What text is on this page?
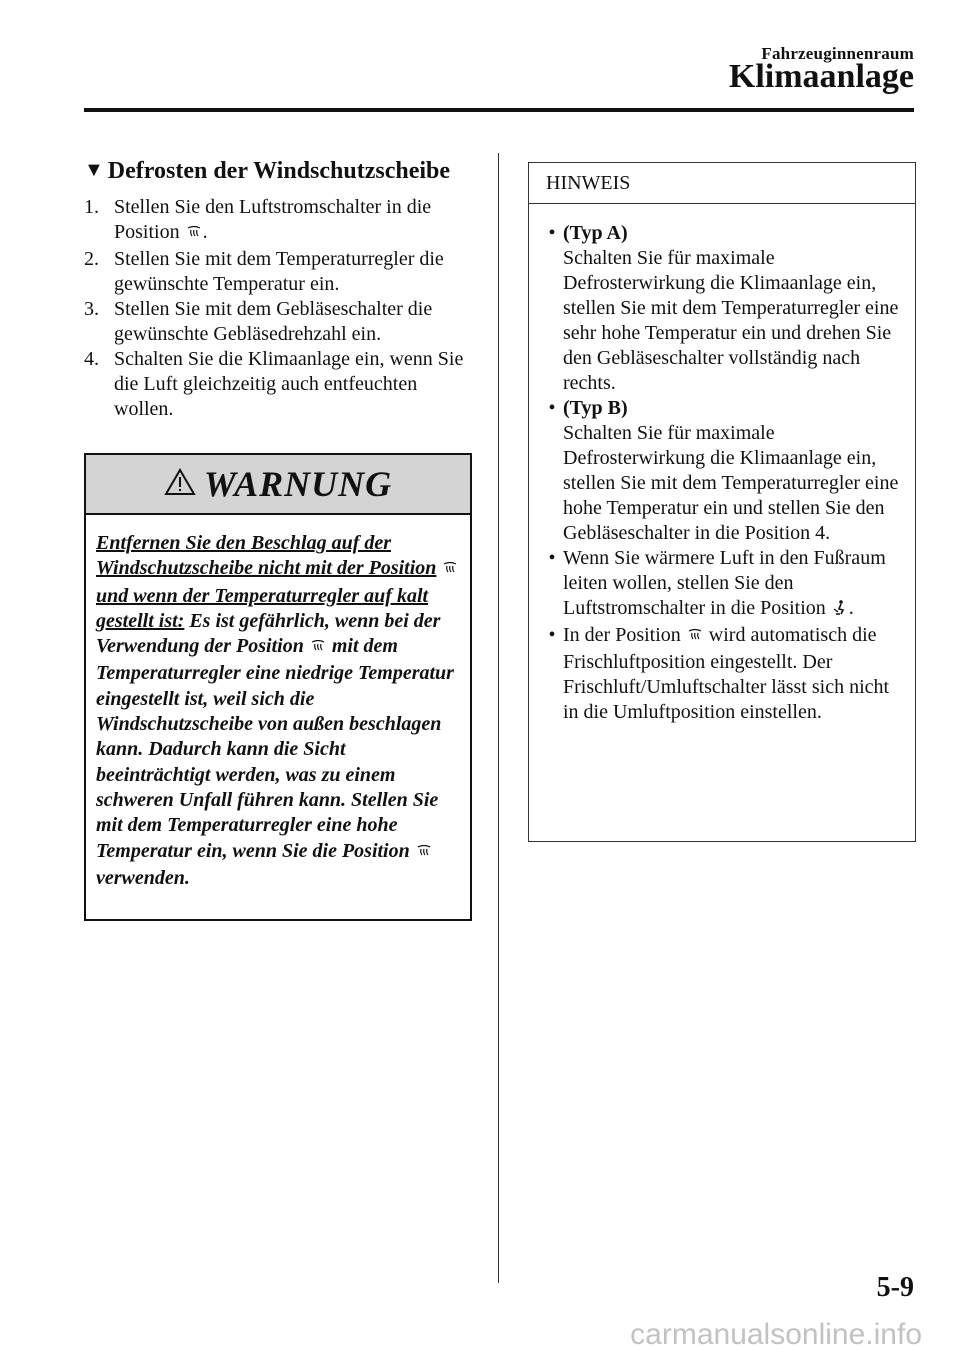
Fahrzeuginnenraum
Klimaanlage
▼ Defrosten der Windschutzscheibe
1. Stellen Sie den Luftstromschalter in die Position .
2. Stellen Sie mit dem Temperaturregler die gewünschte Temperatur ein.
3. Stellen Sie mit dem Gebläseschalter die gewünschte Gebläsedrehzahl ein.
4. Schalten Sie die Klimaanlage ein, wenn Sie die Luft gleichzeitig auch entfeuchten wollen.
WARNUNG
Entfernen Sie den Beschlag auf der Windschutzscheibe nicht mit der Position  und wenn der Temperaturregler auf kalt gestellt ist: Es ist gefährlich, wenn bei der Verwendung der Position mit dem Temperaturregler eine niedrige Temperatur eingestellt ist, weil sich die Windschutzscheibe von außen beschlagen kann. Dadurch kann die Sicht beeinträchtigt werden, was zu einem schweren Unfall führen kann. Stellen Sie mit dem Temperaturregler eine hohe Temperatur ein, wenn Sie die Position  verwenden.
HINWEIS
• (Typ A)
Schalten Sie für maximale Defrosterwirkung die Klimaanlage ein, stellen Sie mit dem Temperaturregler eine sehr hohe Temperatur ein und drehen Sie den Gebläseschalter vollständig nach rechts.
• (Typ B)
Schalten Sie für maximale Defrosterwirkung die Klimaanlage ein, stellen Sie mit dem Temperaturregler eine hohe Temperatur ein und stellen Sie den Gebläseschalter in die Position 4.
• Wenn Sie wärmere Luft in den Fußraum leiten wollen, stellen Sie den Luftstromschalter in die Position .
• In der Position wird automatisch die Frischluftposition eingestellt. Der Frischluft/Umluftschalter lässt sich nicht in die Umluftposition einstellen.
5-9
carmanualsonline.info
